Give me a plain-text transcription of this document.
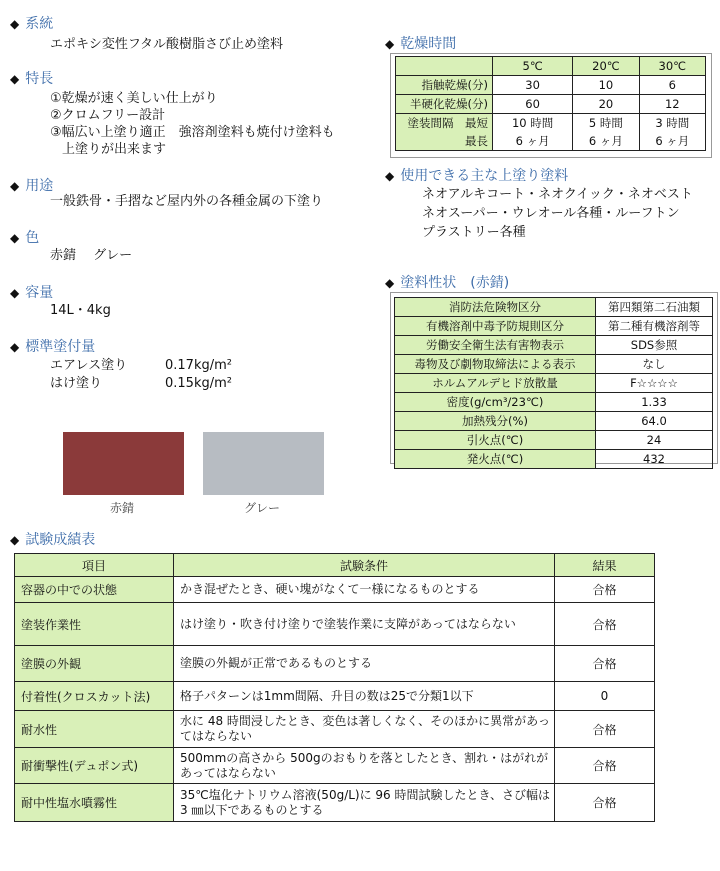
◆ 系統
エポキシ変性フタル酸樹脂さび止め塗料
◆ 特長
①乾燥が速く美しい仕上がり
②クロムフリー設計
③幅広い上塗り適正　強溶剤塗料も焼付け塗料も
上塗りが出来ます
◆ 用途
一般鉄骨・手摺など屋内外の各種金属の下塗り
◆ 色
赤錆　 グレー
◆ 容量
14L・4kg
◆ 標準塗付量
エアレス塗り	0.17kg/m²
はけ塗り	0.15kg/m²
赤錆	グレー
◆ 乾燥時間
	5℃	20℃	30℃
指触乾燥(分)	30	10	6
半硬化乾燥(分)	60	20	12
塗装間隔　最短	10 時間	5 時間	3 時間
最長	6 ヶ月	6 ヶ月	6 ヶ月
◆ 使用できる主な上塗り塗料
ネオアルキコート・ネオクイック・ネオベスト
ネオスーパー・ウレオール各種・ルーフトン
プラストリー各種
◆ 塗料性状　(赤錆)
消防法危険物区分	第四類第二石油類
有機溶剤中毒予防規則区分	第二種有機溶剤等
労働安全衛生法有害物表示	SDS参照
毒物及び劇物取締法による表示	なし
ホルムアルデヒド放散量	F☆☆☆☆
密度(g/cm³/23℃)	1.33
加熱残分(%)	64.0
引火点(℃)	24
発火点(℃)	432
◆ 試験成績表
項目	試験条件	結果
容器の中での状態	かき混ぜたとき、硬い塊がなくて一様になるものとする	合格
塗装作業性	はけ塗り・吹き付け塗りで塗装作業に支障があってはならない	合格
塗膜の外観	塗膜の外観が正常であるものとする	合格
付着性(クロスカット法)	格子パターンは1mm間隔、升目の数は25で分類1以下	0
耐水性	水に 48 時間浸したとき、変色は著しくなく、そのほかに異常があってはならない	合格
耐衝撃性(デュポン式)	500mmの高さから 500gのおもりを落としたとき、割れ・はがれがあってはならない	合格
耐中性塩水噴霧性	35℃塩化ナトリウム溶液(50g/L)に 96 時間試験したとき、さび幅は 3 ㎜以下であるものとする	合格
